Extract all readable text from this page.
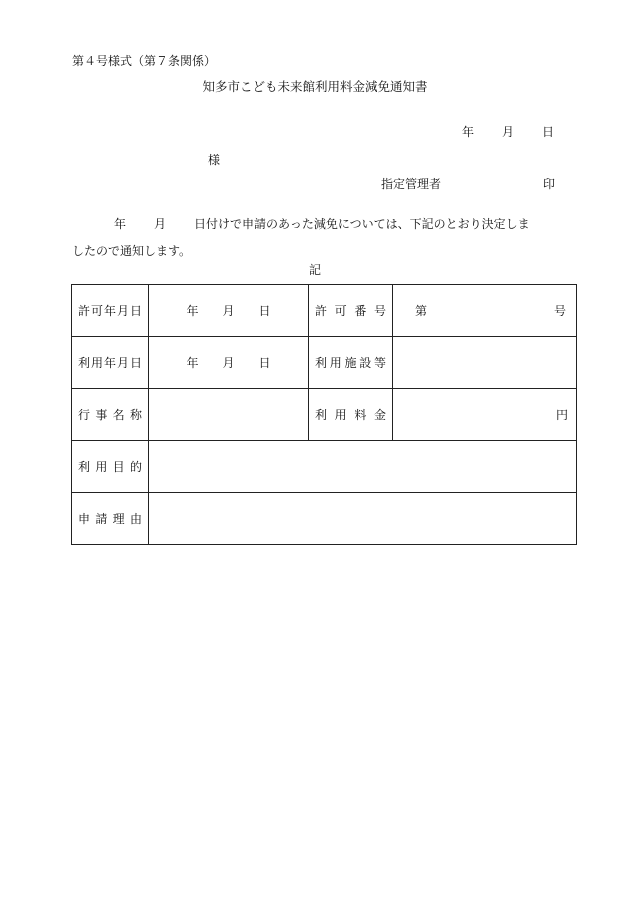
第４号様式（第７条関係）
知多市こども未来館利用料金減免通知書
年 月 日
様
指定管理者	印
年 月 日付けで申請のあった減免については、下記のとおり決定しま
したので通知します。
記
許可年月日	年 月 日	許可番号	第 号

利用年月日	年 月 日	利用施設等	
行事名称		利用料金	円
利用目的			
申請理由			
